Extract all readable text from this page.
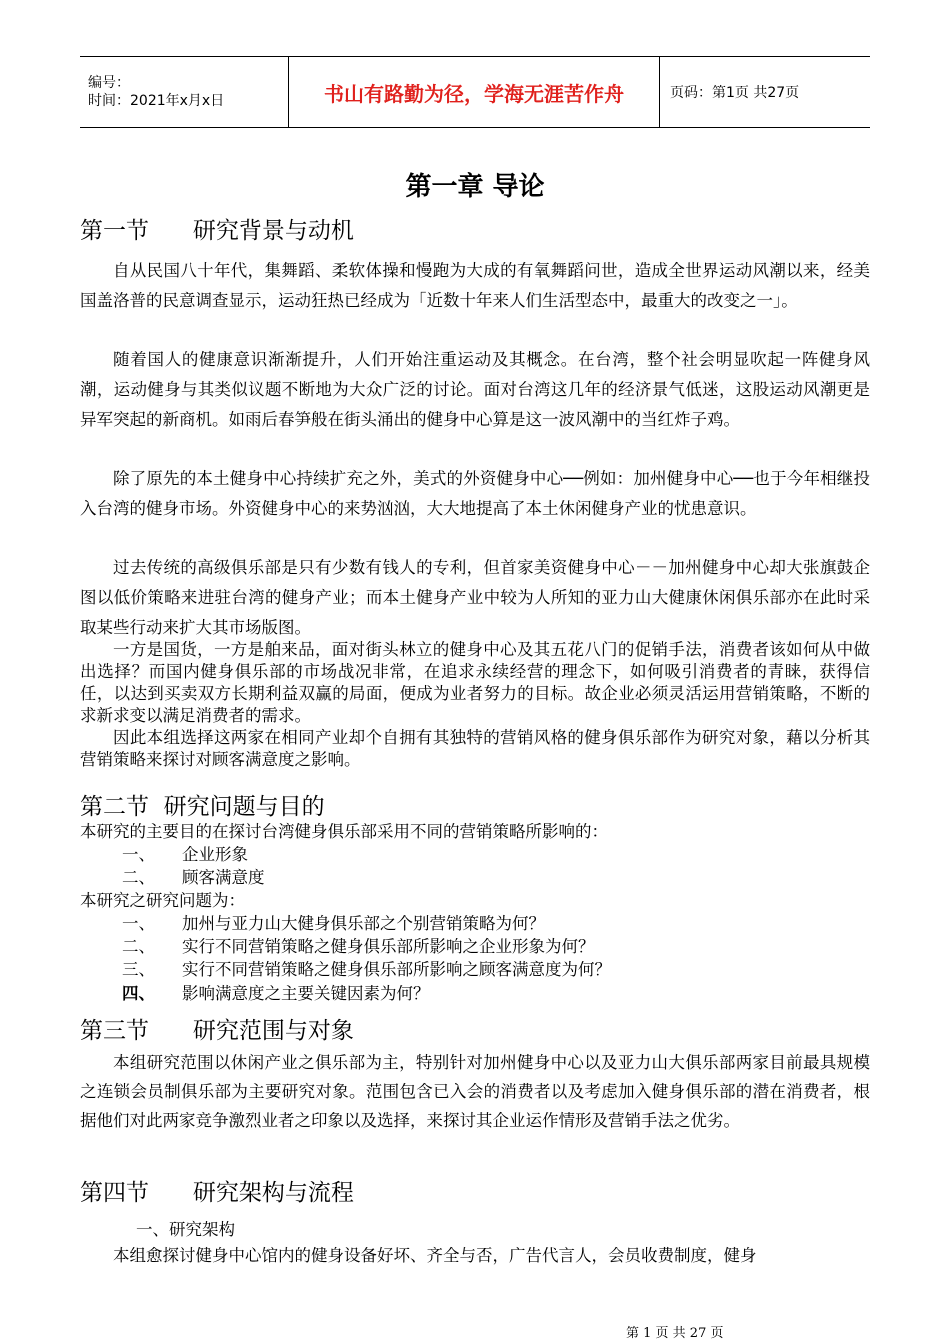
编号：
时间：2021年x月x日	书山有路勤为径，学海无涯苦作舟	页码：第1页 共27页
第一章 导论
第一节      研究背景与动机
自从民国八十年代，集舞蹈、柔软体操和慢跑为大成的有氧舞蹈问世，造成全世界运动风潮以来，经美国盖洛普的民意调查显示，运动狂热已经成为「近数十年来人们生活型态中，最重大的改变之一」。
随着国人的健康意识渐渐提升，人们开始注重运动及其概念。在台湾，整个社会明显吹起一阵健身风潮，运动健身与其类似议题不断地为大众广泛的讨论。面对台湾这几年的经济景气低迷，这股运动风潮更是异军突起的新商机。如雨后春笋般在街头涌出的健身中心算是这一波风潮中的当红炸子鸡。
除了原先的本土健身中心持续扩充之外，美式的外资健身中心──例如：加州健身中心──也于今年相继投入台湾的健身市场。外资健身中心的来势汹汹，大大地提高了本土休闲健身产业的忧患意识。
过去传统的高级俱乐部是只有少数有钱人的专利，但首家美资健身中心－－加州健身中心却大张旗鼓企图以低价策略来进驻台湾的健身产业；而本土健身产业中较为人所知的亚力山大健康休闲俱乐部亦在此时采取某些行动来扩大其市场版图。
一方是国货，一方是舶来品，面对街头林立的健身中心及其五花八门的促销手法，消费者该如何从中做出选择？而国内健身俱乐部的市场战况非常，在追求永续经营的理念下，如何吸引消费者的青睐，获得信任，以达到买卖双方长期利益双赢的局面，便成为业者努力的目标。故企业必须灵活运用营销策略，不断的求新求变以满足消费者的需求。
因此本组选择这两家在相同产业却个自拥有其独特的营销风格的健身俱乐部作为研究对象，藉以分析其营销策略来探讨对顾客满意度之影响。
第二节  研究问题与目的
本研究的主要目的在探讨台湾健身俱乐部采用不同的营销策略所影响的：
一、 企业形象
二、 顾客满意度
本研究之研究问题为：
一、 加州与亚力山大健身俱乐部之个别营销策略为何？
二、 实行不同营销策略之健身俱乐部所影响之企业形象为何？
三、 实行不同营销策略之健身俱乐部所影响之顾客满意度为何？
四、 影响满意度之主要关键因素为何？
第三节      研究范围与对象
本组研究范围以休闲产业之俱乐部为主，特别针对加州健身中心以及亚力山大俱乐部两家目前最具规模之连锁会员制俱乐部为主要研究对象。范围包含已入会的消费者以及考虑加入健身俱乐部的潜在消费者，根据他们对此两家竞争激烈业者之印象以及选择，来探讨其企业运作情形及营销手法之优劣。
第四节      研究架构与流程
一、研究架构
本组愈探讨健身中心馆内的健身设备好坏、齐全与否，广告代言人，会员收费制度，健身
第 1 页 共 27 页
